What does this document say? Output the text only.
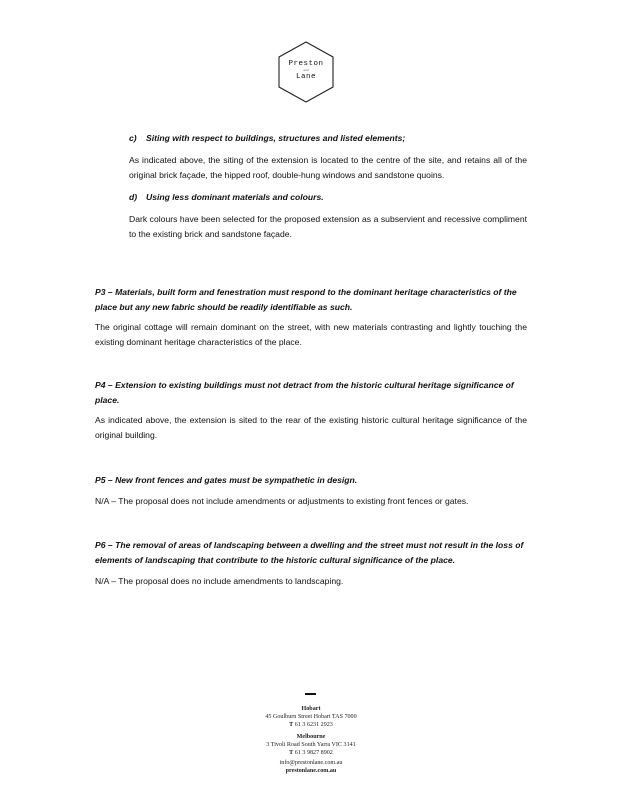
Preston
and
Lane
c)	Siting with respect to buildings, structures and listed elements;

As indicated above, the siting of the extension is located to the centre of the site, and retains all of the original brick façade, the hipped roof, double-hung windows and sandstone quoins.

d)	Using less dominant materials and colours.

Dark colours have been selected for the proposed extension as a subservient and recessive compliment to the existing brick and sandstone façade.

P3 – Materials, built form and fenestration must respond to the dominant heritage characteristics of the place but any new fabric should be readily identifiable as such.

The original cottage will remain dominant on the street, with new materials contrasting and lightly touching the existing dominant heritage characteristics of the place.

P4 – Extension to existing buildings must not detract from the historic cultural heritage significance of place.

As indicated above, the extension is sited to the rear of the existing historic cultural heritage significance of the original building.

P5 – New front fences and gates must be sympathetic in design.

N/A – The proposal does not include amendments or adjustments to existing front fences or gates.

P6 – The removal of areas of landscaping between a dwelling and the street must not result in the loss of elements of landscaping that contribute to the historic cultural significance of the place.

N/A – The proposal does no include amendments to landscaping.

Hobart
45 Goulburn Street Hobart TAS 7000
T 61 3 6231 2923
Melbourne
3 Tivoli Road South Yarra VIC 3141
T 61 3 9827 8902
info@prestonlane.com.au
prestonlane.com.au
